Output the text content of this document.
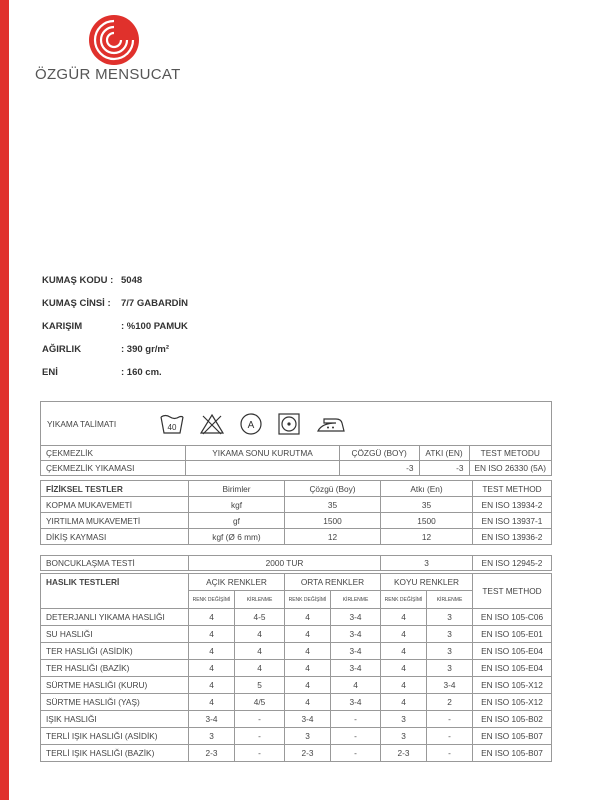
ÖZGÜR MENSUCAT
KUMAŞ KODU : 5048
KUMAŞ CİNSİ : 7/7 GABARDİN
KARIŞIM	: %100 PAMUK
AĞIRLIK	: 390 gr/m²
ENİ	: 160 cm.
YIKAMA TALİMATI 40 A				

ÇEKMEZLİK	YIKAMA SONU KURUTMA	ÇÖZGÜ (BOY)	ATKI (EN)	TEST METODU
ÇEKMEZLİK YIKAMASI		-3	-3	EN ISO 26330 (5A)
FİZİKSEL TESTLER	Birimler	Çözgü (Boy)	Atkı (En)	TEST METHOD
KOPMA MUKAVEMETİ	kgf	35	35	EN ISO 13934-2
YIRTILMA MUKAVEMETİ	gf	1500	1500	EN ISO 13937-1
DİKİŞ KAYMASI	kgf (Ø 6 mm)	12	12	EN ISO 13936-2
BONCUKLAŞMA TESTİ	2000 TUR	3	EN ISO 12945-2
HASLIK TESTLERİ	AÇIK RENKLER		ORTA RENKLER		KOYU RENKLER		TEST METHOD
	RENK DEĞİŞİMİ	KİRLENME	RENK DEĞİŞİMİ	KİRLENME	RENK DEĞİŞİMİ	KİRLENME	
DETERJANLI YIKAMA HASLIĞI	4	4-5	4	3-4	4	3	EN ISO 105-C06
SU HASLIĞI	4	4	4	3-4	4	3	EN ISO 105-E01
TER HASLIĞI (ASİDİK)	4	4	4	3-4	4	3	EN ISO 105-E04
TER HASLIĞI (BAZİK)	4	4	4	3-4	4	3	EN ISO 105-E04
SÜRTME HASLIĞI (KURU)	4	5	4	4	4	3-4	EN ISO 105-X12
SÜRTME HASLIĞI (YAŞ)	4	4/5	4	3-4	4	2	EN ISO 105-X12
IŞIK HASLIĞI	3-4	-	3-4	-	3	-	EN ISO 105-B02
TERLİ IŞIK HASLIĞI (ASİDİK)	3	-	3	-	3	-	EN ISO 105-B07
TERLİ IŞIK HASLIĞI (BAZİK)	2-3	-	2-3	-	2-3	-	EN ISO 105-B07
